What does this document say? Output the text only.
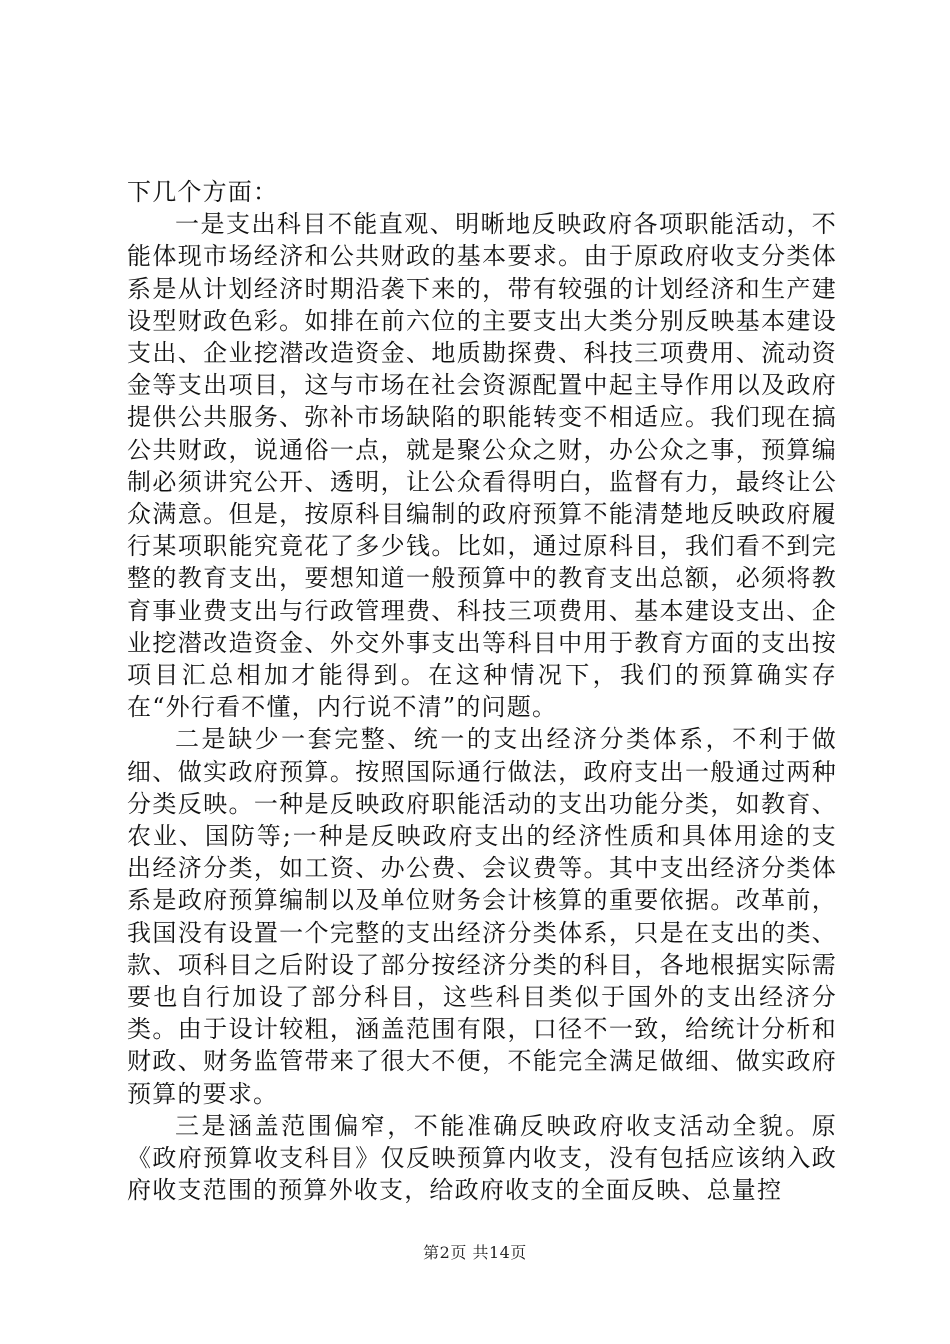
下几个方面：

一是支出科目不能直观、明晰地反映政府各项职能活动，不能体现市场经济和公共财政的基本要求。由于原政府收支分类体系是从计划经济时期沿袭下来的，带有较强的计划经济和生产建设型财政色彩。如排在前六位的主要支出大类分别反映基本建设支出、企业挖潜改造资金、地质勘探费、科技三项费用、流动资金等支出项目，这与市场在社会资源配置中起主导作用以及政府提供公共服务、弥补市场缺陷的职能转变不相适应。我们现在搞公共财政，说通俗一点，就是聚公众之财，办公众之事，预算编制必须讲究公开、透明，让公众看得明白，监督有力，最终让公众满意。但是，按原科目编制的政府预算不能清楚地反映政府履行某项职能究竟花了多少钱。比如，通过原科目，我们看不到完整的教育支出，要想知道一般预算中的教育支出总额，必须将教育事业费支出与行政管理费、科技三项费用、基本建设支出、企业挖潜改造资金、外交外事支出等科目中用于教育方面的支出按项目汇总相加才能得到。在这种情况下，我们的预算确实存在“外行看不懂，内行说不清”的问题。

二是缺少一套完整、统一的支出经济分类体系，不利于做细、做实政府预算。按照国际通行做法，政府支出一般通过两种分类反映。一种是反映政府职能活动的支出功能分类，如教育、农业、国防等;一种是反映政府支出的经济性质和具体用途的支出经济分类，如工资、办公费、会议费等。其中支出经济分类体系是政府预算编制以及单位财务会计核算的重要依据。改革前，我国没有设置一个完整的支出经济分类体系，只是在支出的类、款、项科目之后附设了部分按经济分类的科目，各地根据实际需要也自行加设了部分科目，这些科目类似于国外的支出经济分类。由于设计较粗，涵盖范围有限，口径不一致，给统计分析和财政、财务监管带来了很大不便，不能完全满足做细、做实政府预算的要求。

三是涵盖范围偏窄，不能准确反映政府收支活动全貌。原《政府预算收支科目》仅反映预算内收支，没有包括应该纳入政府收支范围的预算外收支，给政府收支的全面反映、总量控

第2页 共14页
